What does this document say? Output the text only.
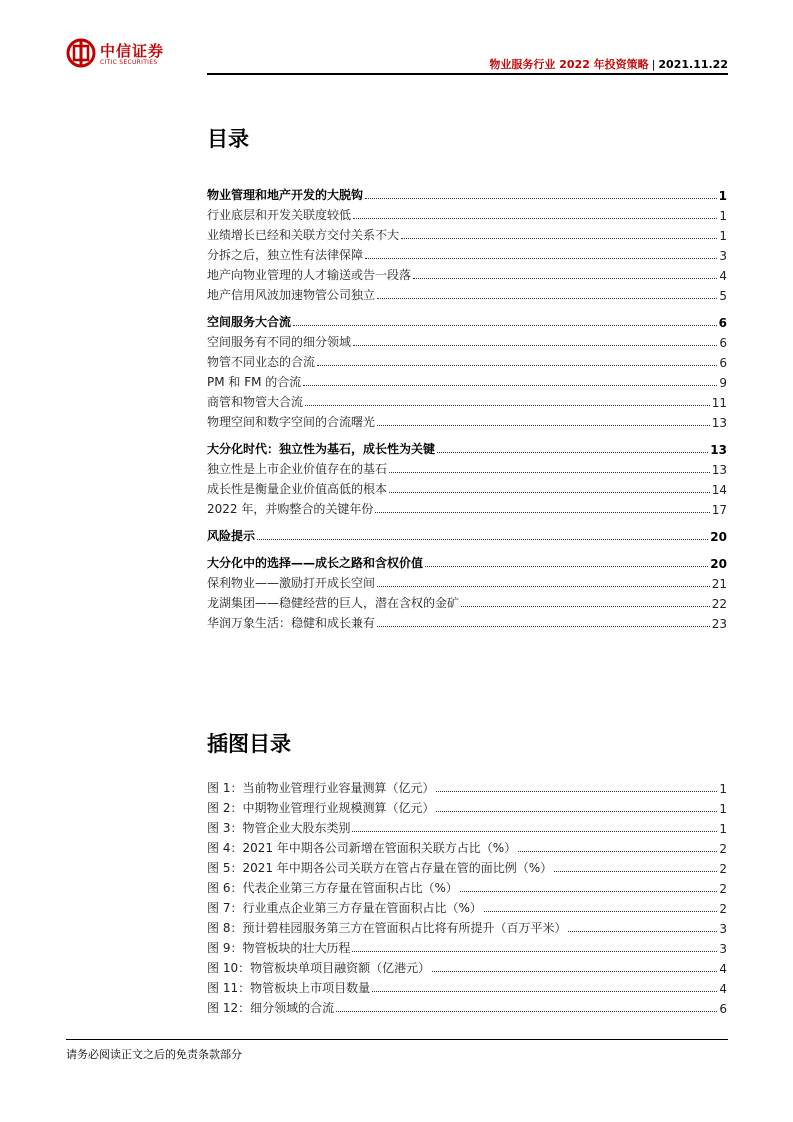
中信证券
CITIC SECURITIES	物业服务行业 2022 年投资策略 | 2021.11.22
目录
物业管理和地产开发的大脱钩	1
行业底层和开发关联度较低	1
业绩增长已经和关联方交付关系不大	1
分拆之后，独立性有法律保障	3
地产向物业管理的人才输送或告一段落	4
地产信用风波加速物管公司独立	5
空间服务大合流	6
空间服务有不同的细分领域	6
物管不同业态的合流	6
PM 和 FM 的合流	9
商管和物管大合流	11
物理空间和数字空间的合流曙光	13
大分化时代：独立性为基石，成长性为关键	13
独立性是上市企业价值存在的基石	13
成长性是衡量企业价值高低的根本	14
2022 年，并购整合的关键年份	17
风险提示	20
大分化中的选择——成长之路和含权价值	20
保利物业——激励打开成长空间	21
龙湖集团——稳健经营的巨人，潜在含权的金矿	22
华润万象生活：稳健和成长兼有	23
插图目录
图 1：当前物业管理行业容量测算（亿元）	1
图 2：中期物业管理行业规模测算（亿元）	1
图 3：物管企业大股东类别	1
图 4：2021 年中期各公司新增在管面积关联方占比（%）	2
图 5：2021 年中期各公司关联方在管占存量在管的面比例（%）	2
图 6：代表企业第三方存量在管面积占比（%）	2
图 7：行业重点企业第三方存量在管面积占比（%）	2
图 8：预计碧桂园服务第三方在管面积占比将有所提升（百万平米）	3
图 9：物管板块的壮大历程	3
图 10：物管板块单项目融资额（亿港元）	4
图 11：物管板块上市项目数量	4
图 12：细分领域的合流	6
请务必阅读正文之后的免责条款部分
